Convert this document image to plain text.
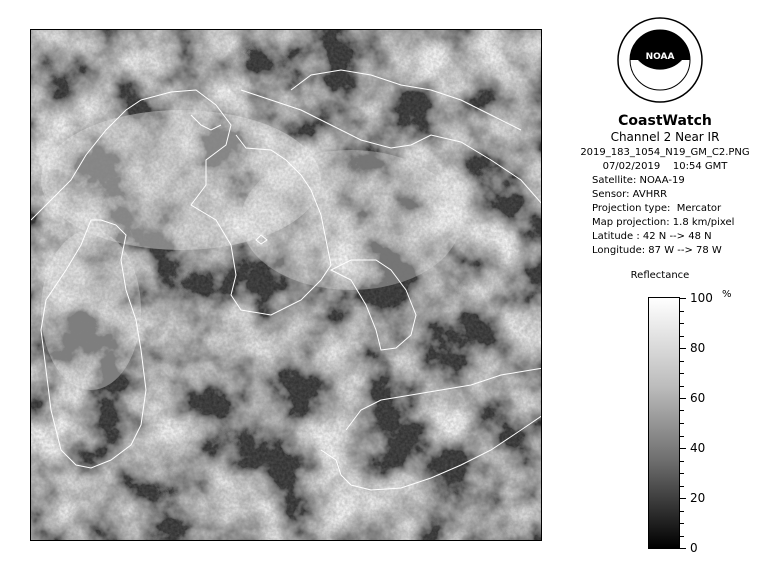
NOAA
CoastWatch
Channel 2 Near IR
2019_183_1054_N19_GM_C2.PNG
07/02/2019    10:54 GMT
Satellite: NOAA-19
Sensor: AVHRR
Projection type:  Mercator
Map projection: 1.8 km/pixel
Latitude : 42 N --> 48 N
Longitude: 87 W --> 78 W
Reflectance
%
100
80
60
40
20
0
